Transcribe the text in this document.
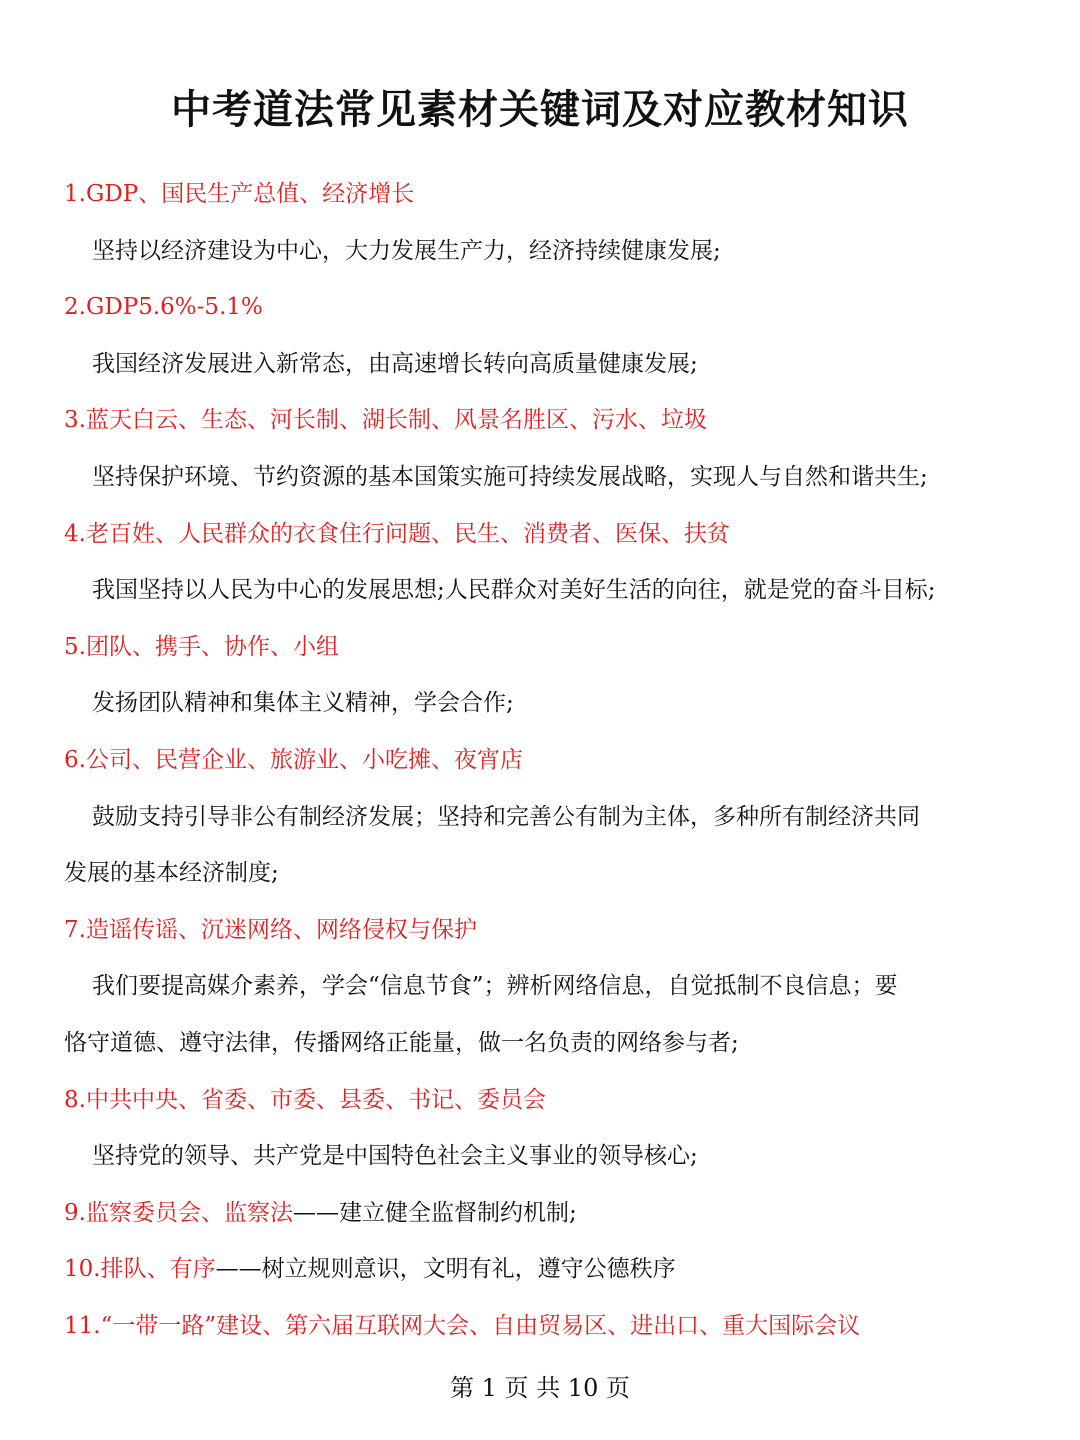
中考道法常见素材关键词及对应教材知识
1.GDP、国民生产总值、经济增长
坚持以经济建设为中心，大力发展生产力，经济持续健康发展;
2.GDP5.6%-5.1%
我国经济发展进入新常态，由高速增长转向高质量健康发展;
3.蓝天白云、生态、河长制、湖长制、风景名胜区、污水、垃圾
坚持保护环境、节约资源的基本国策实施可持续发展战略，实现人与自然和谐共生;
4.老百姓、人民群众的衣食住行问题、民生、消费者、医保、扶贫
我国坚持以人民为中心的发展思想;人民群众对美好生活的向往，就是党的奋斗目标;
5.团队、携手、协作、小组
发扬团队精神和集体主义精神，学会合作;
6.公司、民营企业、旅游业、小吃摊、夜宵店
鼓励支持引导非公有制经济发展；坚持和完善公有制为主体，多种所有制经济共同
发展的基本经济制度;
7.造谣传谣、沉迷网络、网络侵权与保护
我们要提高媒介素养，学会“信息节食”；辨析网络信息，自觉抵制不良信息；要
恪守道德、遵守法律，传播网络正能量，做一名负责的网络参与者;
8.中共中央、省委、市委、县委、书记、委员会
坚持党的领导、共产党是中国特色社会主义事业的领导核心;
9.监察委员会、监察法——建立健全监督制约机制;
10.排队、有序——树立规则意识，文明有礼，遵守公德秩序
11.“一带一路”建设、第六届互联网大会、自由贸易区、进出口、重大国际会议
第 1 页 共 10 页
